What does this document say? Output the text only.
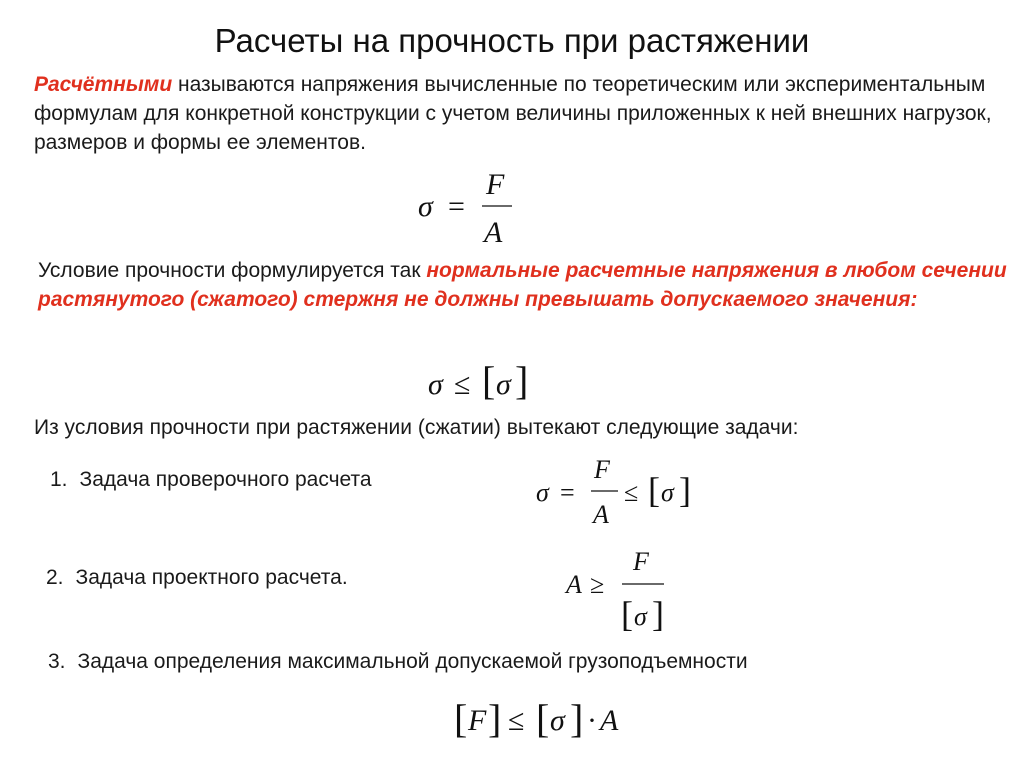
Расчеты на прочность при растяжении
Расчётными называются напряжения вычисленные по теоретическим или экспериментальным формулам для конкретной конструкции с учетом величины приложенных к ней внешних нагрузок, размеров и формы ее элементов.
σ =
F
A
Условие прочности формулируется так нормальные расчетные напряжения в любом сечении растянутого (сжатого) стержня не должны превышать допускаемого значения:
σ ≤ [ σ ]
Из условия прочности при растяжении (сжатии) вытекают следующие задачи:
1. Задача проверочного расчета	σ =
F
A
≤ [ σ ]
2. Задача проектного расчета.	A ≥
F
[ σ ]
3. Задача определения максимальной допускаемой грузоподъемности
[ F ] ≤ [ σ ] · A
